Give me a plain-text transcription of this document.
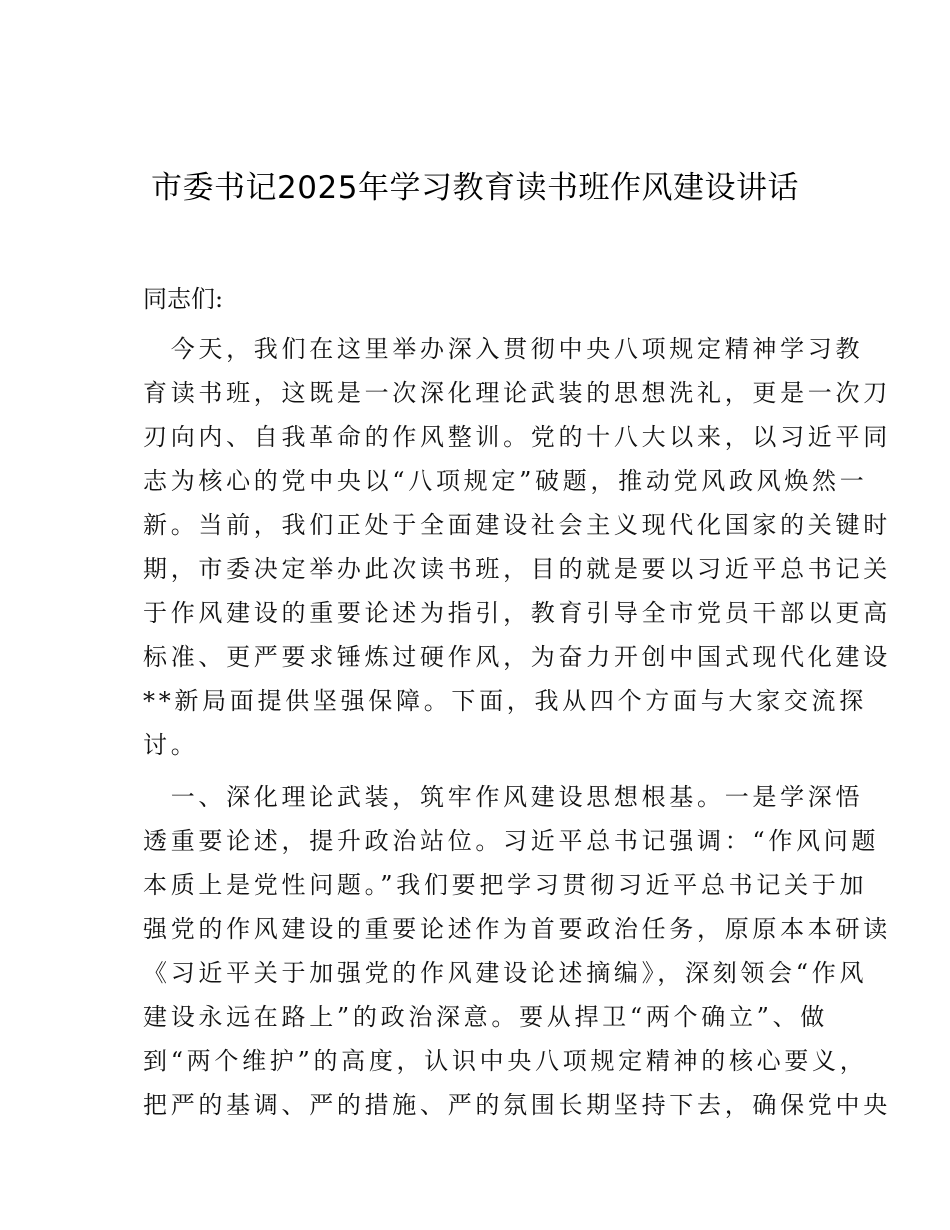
市委书记2025年学习教育读书班作风建设讲话
同志们:
　今天，我们在这里举办深入贯彻中央八项规定精神学习教
育读书班，这既是一次深化理论武装的思想洗礼，更是一次刀
刃向内、自我革命的作风整训。党的十八大以来，以习近平同
志为核心的党中央以“八项规定”破题，推动党风政风焕然一
新。当前，我们正处于全面建设社会主义现代化国家的关键时
期，市委决定举办此次读书班，目的就是要以习近平总书记关
于作风建设的重要论述为指引，教育引导全市党员干部以更高
标准、更严要求锤炼过硬作风，为奋力开创中国式现代化建设
**新局面提供坚强保障。下面，我从四个方面与大家交流探
讨。
　一、深化理论武装，筑牢作风建设思想根基。一是学深悟
透重要论述，提升政治站位。习近平总书记强调：“作风问题
本质上是党性问题。”我们要把学习贯彻习近平总书记关于加
强党的作风建设的重要论述作为首要政治任务，原原本本研读
《习近平关于加强党的作风建设论述摘编》，深刻领会“作风
建设永远在路上”的政治深意。要从捍卫“两个确立”、做
到“两个维护”的高度，认识中央八项规定精神的核心要义，
把严的基调、严的措施、严的氛围长期坚持下去，确保党中央
